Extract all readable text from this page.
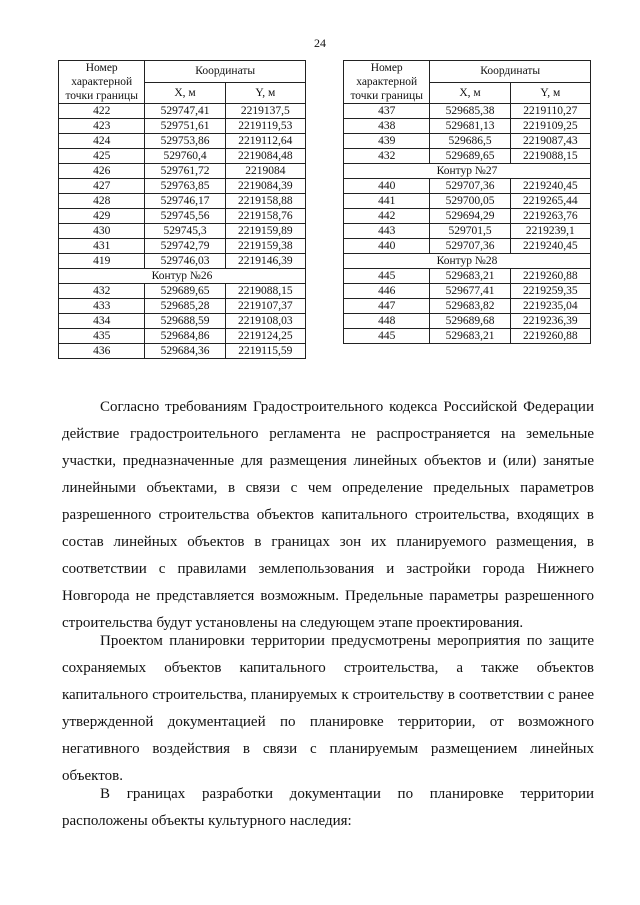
24
Номер характерной точки границы	Координаты	
	X, м	Y, м
422	529747,41	2219137,5
423	529751,61	2219119,53
424	529753,86	2219112,64
425	529760,4	2219084,48
426	529761,72	2219084
427	529763,85	2219084,39
428	529746,17	2219158,88
429	529745,56	2219158,76
430	529745,3	2219159,89
431	529742,79	2219159,38
419	529746,03	2219146,39
Контур №26		
432	529689,65	2219088,15
433	529685,28	2219107,37
434	529688,59	2219108,03
435	529684,86	2219124,25
436	529684,36	2219115,59
Номер характерной точки границы	Координаты	
	X, м	Y, м
437	529685,38	2219110,27
438	529681,13	2219109,25
439	529686,5	2219087,43
432	529689,65	2219088,15
Контур №27		
440	529707,36	2219240,45
441	529700,05	2219265,44
442	529694,29	2219263,76
443	529701,5	2219239,1
440	529707,36	2219240,45
Контур №28		
445	529683,21	2219260,88
446	529677,41	2219259,35
447	529683,82	2219235,04
448	529689,68	2219236,39
445	529683,21	2219260,88
Согласно требованиям Градостроительного кодекса Российской Федерации действие градостроительного регламента не распространяется на земельные участки, предназначенные для размещения линейных объектов и (или) занятые линейными объектами, в связи с чем определение предельных параметров разрешенного строительства объектов капитального строительства, входящих в состав линейных объектов в границах зон их планируемого размещения, в соответствии с правилами землепользования и застройки города Нижнего Новгорода не представляется возможным. Предельные параметры разрешенного строительства будут установлены на следующем этапе проектирования.
Проектом планировки территории предусмотрены мероприятия по защите сохраняемых объектов капитального строительства, а также объектов капитального строительства, планируемых к строительству в соответствии с ранее утвержденной документацией по планировке территории, от возможного негативного воздействия в связи с планируемым размещением линейных объектов.
В границах разработки документации по планировке территории расположены объекты культурного наследия:
